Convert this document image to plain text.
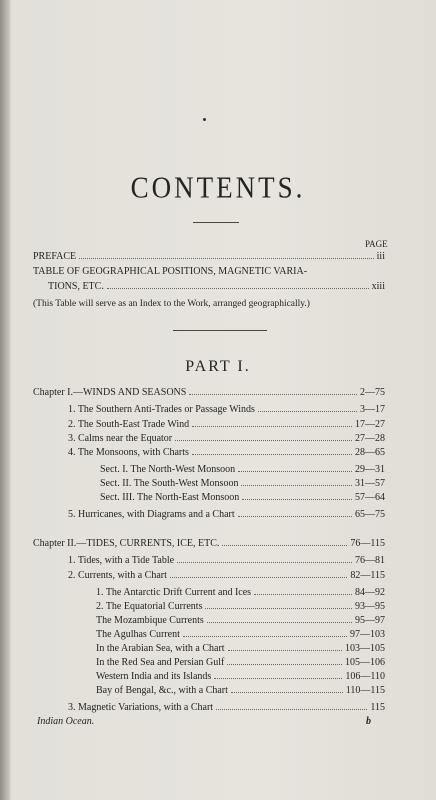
CONTENTS.
PAGE
PREFACE	iii
TABLE OF GEOGRAPHICAL POSITIONS, MAGNETIC VARIA-
TIONS, ETC.	xiii
(This Table will serve as an Index to the Work, arranged geographically.)
PART I.
Chapter I.—WINDS AND SEASONS	2—75
1. The Southern Anti-Trades or Passage Winds	3—17
2. The South-East Trade Wind	17—27
3. Calms near the Equator	27—28
4. The Monsoons, with Charts	28—65
Sect. I. The North-West Monsoon	29—31
Sect. II. The South-West Monsoon	31—57
Sect. III. The North-East Monsoon	57—64
5. Hurricanes, with Diagrams and a Chart	65—75
Chapter II.—TIDES, CURRENTS, ICE, ETC.	76—115
1. Tides, with a Tide Table	76—81
2. Currents, with a Chart	82—115
1. The Antarctic Drift Current and Ices	84—92
2. The Equatorial Currents	93—95
The Mozambique Currents	95—97
The Agulhas Current	97—103
In the Arabian Sea, with a Chart	103—105
In the Red Sea and Persian Gulf	105—106
Western India and its Islands	106—110
Bay of Bengal, &c., with a Chart	110—115
3. Magnetic Variations, with a Chart	115
Indian Ocean.	b
